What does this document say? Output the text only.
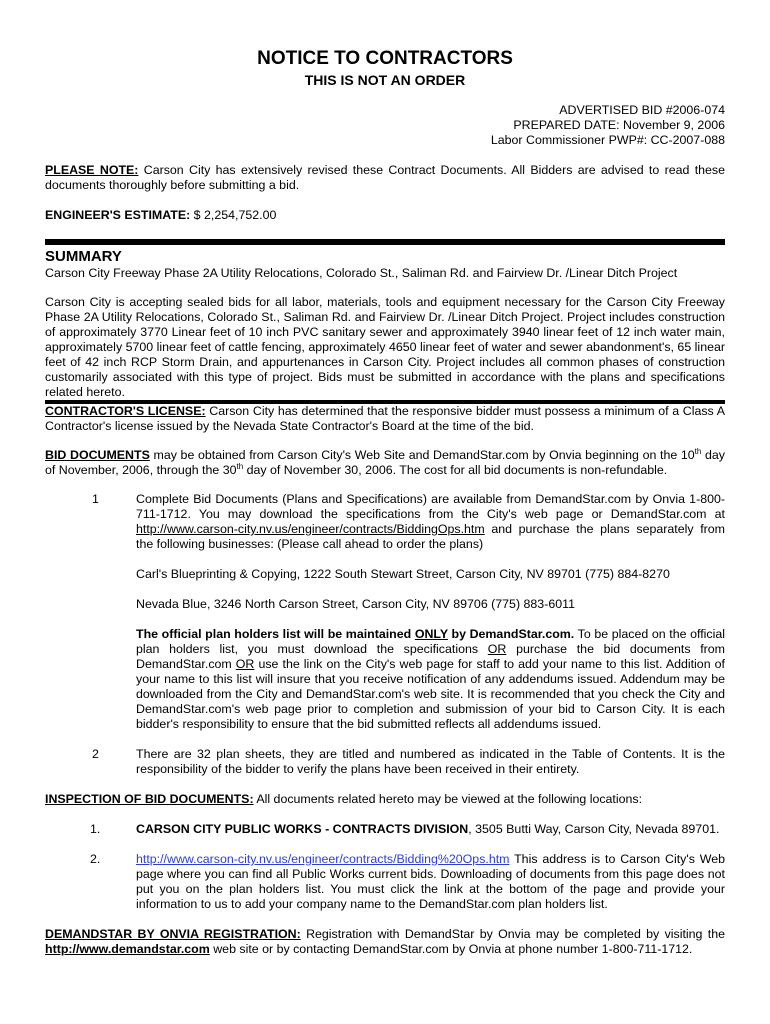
NOTICE TO CONTRACTORS
THIS IS NOT AN ORDER
ADVERTISED BID #2006-074
PREPARED DATE: November 9, 2006
Labor Commissioner PWP#: CC-2007-088

PLEASE NOTE: Carson City has extensively revised these Contract Documents. All Bidders are advised to read these documents thoroughly before submitting a bid.

ENGINEER'S ESTIMATE: $ 2,254,752.00

SUMMARY

Carson City Freeway Phase 2A Utility Relocations, Colorado St., Saliman Rd. and Fairview Dr. /Linear Ditch Project

Carson City is accepting sealed bids for all labor, materials, tools and equipment necessary for the Carson City Freeway Phase 2A Utility Relocations, Colorado St., Saliman Rd. and Fairview Dr. /Linear Ditch Project. Project includes construction of approximately 3770 Linear feet of 10 inch PVC sanitary sewer and approximately 3940 linear feet of 12 inch water main, approximately 5700 linear feet of cattle fencing, approximately 4650 linear feet of water and sewer abandonment's, 65 linear feet of 42 inch RCP Storm Drain, and appurtenances in Carson City. Project includes all common phases of construction customarily associated with this type of project. Bids must be submitted in accordance with the plans and specifications related hereto.

CONTRACTOR'S LICENSE: Carson City has determined that the responsive bidder must possess a minimum of a Class A Contractor's license issued by the Nevada State Contractor's Board at the time of the bid.

BID DOCUMENTS may be obtained from Carson City's Web Site and DemandStar.com by Onvia beginning on the 10th day of November, 2006, through the 30th day of November 30, 2006. The cost for all bid documents is non-refundable.

1	Complete Bid Documents (Plans and Specifications) are available from DemandStar.com by Onvia 1-800-711-1712. You may download the specifications from the City's web page or DemandStar.com at http://www.carson-city.nv.us/engineer/contracts/BiddingOps.htm and purchase the plans separately from the following businesses: (Please call ahead to order the plans)

Carl's Blueprinting & Copying, 1222 South Stewart Street, Carson City, NV 89701 (775) 884-8270

Nevada Blue, 3246 North Carson Street, Carson City, NV 89706 (775) 883-6011

The official plan holders list will be maintained ONLY by DemandStar.com. To be placed on the official plan holders list, you must download the specifications OR purchase the bid documents from DemandStar.com OR use the link on the City's web page for staff to add your name to this list. Addition of your name to this list will insure that you receive notification of any addendums issued. Addendum may be downloaded from the City and DemandStar.com's web site. It is recommended that you check the City and DemandStar.com's web page prior to completion and submission of your bid to Carson City. It is each bidder's responsibility to ensure that the bid submitted reflects all addendums issued.

2	There are 32 plan sheets, they are titled and numbered as indicated in the Table of Contents. It is the responsibility of the bidder to verify the plans have been received in their entirety.

INSPECTION OF BID DOCUMENTS: All documents related hereto may be viewed at the following locations:

1.	CARSON CITY PUBLIC WORKS - CONTRACTS DIVISION, 3505 Butti Way, Carson City, Nevada 89701.
2.	http://www.carson-city.nv.us/engineer/contracts/Bidding%20Ops.htm This address is to Carson City's Web page where you can find all Public Works current bids. Downloading of documents from this page does not put you on the plan holders list. You must click the link at the bottom of the page and provide your information to us to add your company name to the DemandStar.com plan holders list.

DEMANDSTAR BY ONVIA REGISTRATION: Registration with DemandStar by Onvia may be completed by visiting the http://www.demandstar.com web site or by contacting DemandStar.com by Onvia at phone number 1-800-711-1712.
